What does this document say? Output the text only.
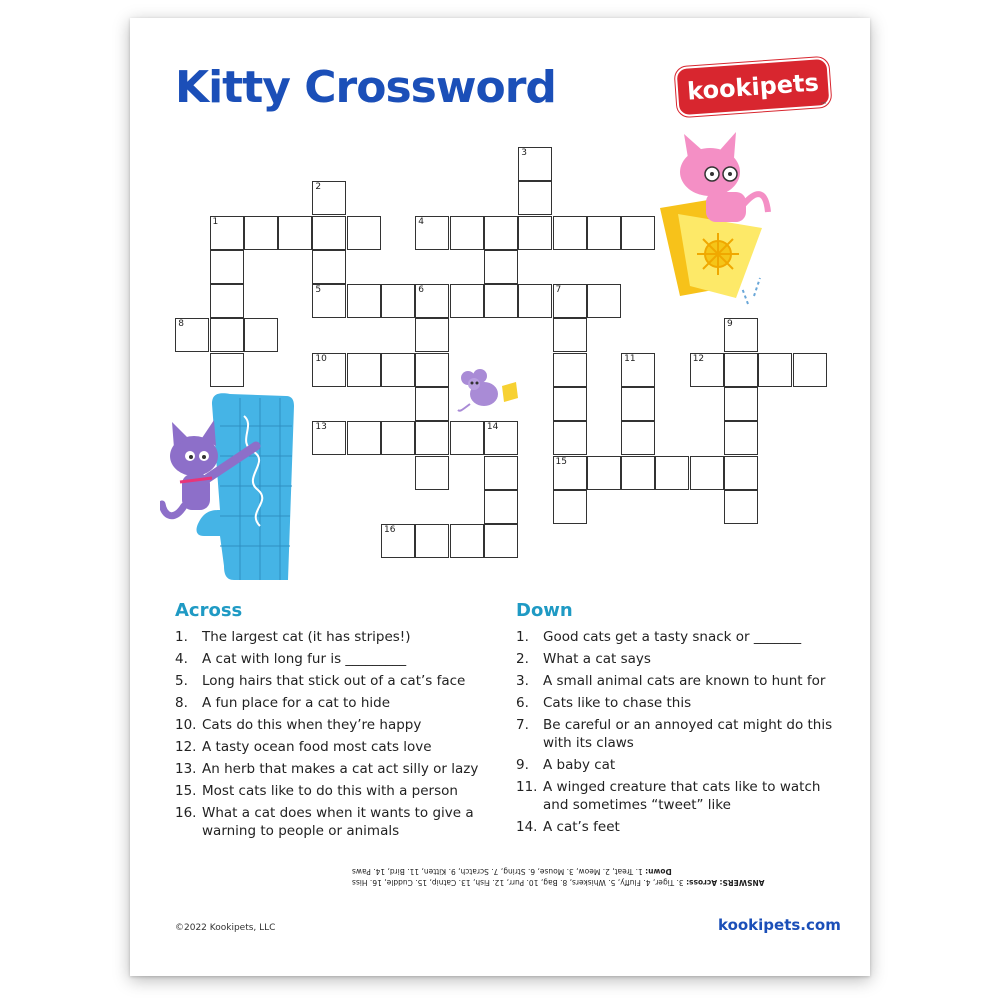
Kitty Crossword	kookipets ™
3
2
1	4
5	6	7
8	9
10	11	12
13	14
15
16
Across
1. The largest cat (it has stripes!)
4. A cat with long fur is _________
5. Long hairs that stick out of a cat’s face
8. A fun place for a cat to hide
10. Cats do this when they’re happy
12. A tasty ocean food most cats love
13. An herb that makes a cat act silly or lazy
15. Most cats like to do this with a person
16. What a cat does when it wants to give a warning to people or animals
Down
1. Good cats get a tasty snack or _______
2. What a cat says
3. A small animal cats are known to hunt for
6. Cats like to chase this
7. Be careful or an annoyed cat might do this with its claws
9. A baby cat
11. A winged creature that cats like to watch and sometimes “tweet” like
14. A cat’s feet
ANSWERS: Across: 3. Tiger, 4. Fluffy, 5. Whiskers, 8. Bag, 10. Purr, 12. Fish, 13. Catnip, 15. Cuddle, 16. Hiss
Down: 1. Treat, 2. Meow, 3. Mouse, 6. String, 7. Scratch, 9. Kitten, 11. Bird, 14. Paws
©2022 Kookipets, LLC	kookipets.com
